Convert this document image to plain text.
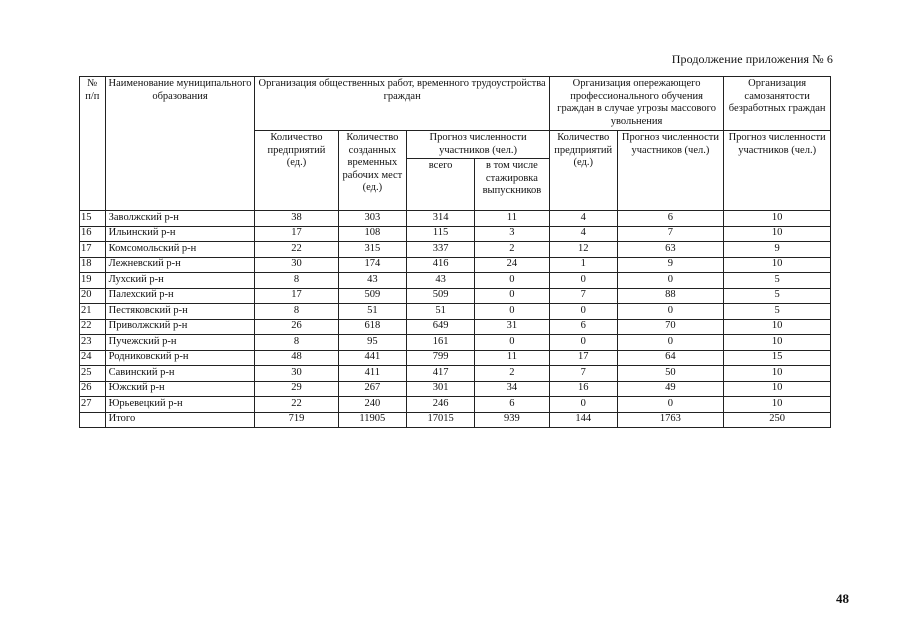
Продолжение приложения № 6
№ п/п	Наименование муниципального образования	Организация общественных работ, временного трудоустройства граждан				Организация опережающего профессионального обучения граждан в случае угрозы массового увольнения		Организация самозанятости безработных граждан
		Количество предприятий (ед.)	Количество созданных временных рабочих мест (ед.)	Прогноз численности участников (чел.)		Количество предприятий (ед.)	Прогноз численности участников (чел.)	Прогноз численности участников (чел.)
				всего	в том числе стажировка выпускников			
15	Заволжский р-н	38	303	314	11	4	6	10
16	Ильинский р-н	17	108	115	3	4	7	10
17	Комсомольский р-н	22	315	337	2	12	63	9
18	Лежневский р-н	30	174	416	24	1	9	10
19	Лухский р-н	8	43	43	0	0	0	5
20	Палехский р-н	17	509	509	0	7	88	5
21	Пестяковский р-н	8	51	51	0	0	0	5
22	Приволжский р-н	26	618	649	31	6	70	10
23	Пучежский р-н	8	95	161	0	0	0	10
24	Родниковский р-н	48	441	799	11	17	64	15
25	Савинский р-н	30	411	417	2	7	50	10
26	Южский р-н	29	267	301	34	16	49	10
27	Юрьевецкий р-н	22	240	246	6	0	0	10
	Итого	719	11905	17015	939	144	1763	250
48
